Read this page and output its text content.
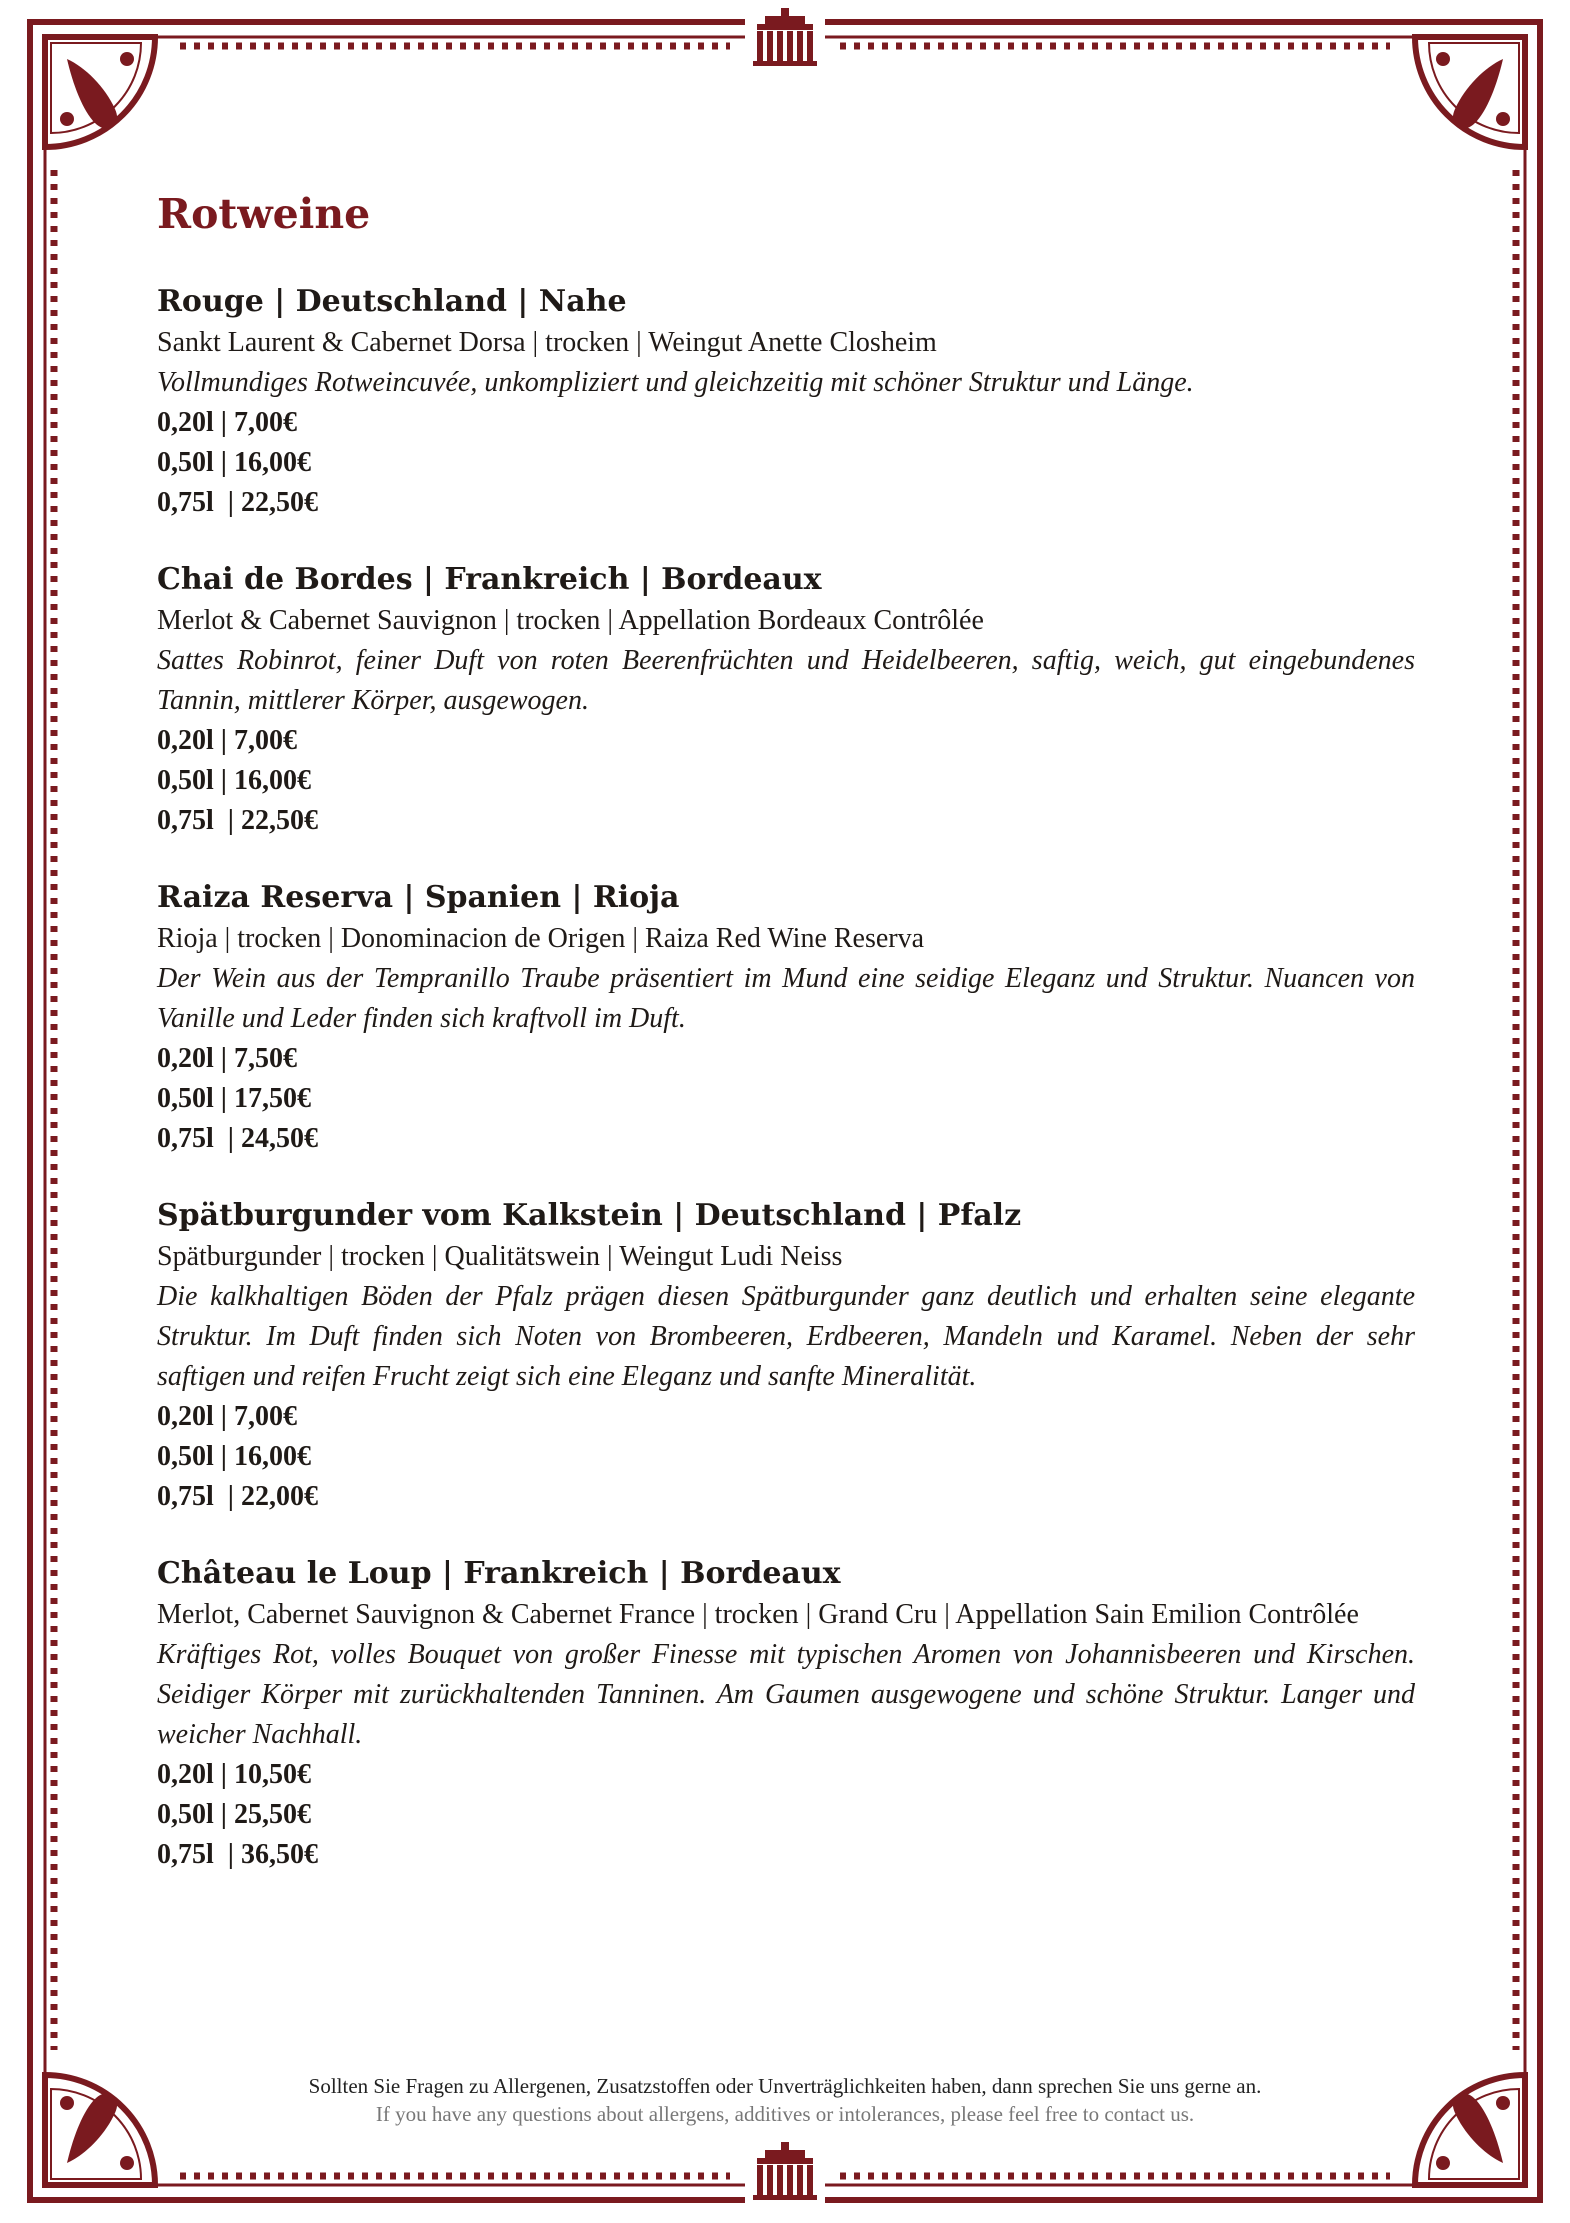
Rotweine

Rouge | Deutschland | Nahe

Sankt Laurent & Cabernet Dorsa | trocken | Weingut Anette Closheim

Vollmundiges Rotweincuvée, unkompliziert und gleichzeitig mit schöner Struktur und Länge.

0,20l | 7,00€

0,50l | 16,00€

0,75l  | 22,50€

Chai de Bordes | Frankreich | Bordeaux

Merlot & Cabernet Sauvignon | trocken | Appellation Bordeaux Contrôlée

Sattes Robinrot, feiner Duft von roten Beerenfrüchten und Heidelbeeren, saftig, weich, gut eingebundenes Tannin, mittlerer Körper, ausgewogen.

0,20l | 7,00€

0,50l | 16,00€

0,75l  | 22,50€

Raiza Reserva | Spanien | Rioja

Rioja | trocken | Donominacion de Origen | Raiza Red Wine Reserva

Der Wein aus der Tempranillo Traube präsentiert im Mund eine seidige Eleganz und Struktur. Nuancen von Vanille und Leder finden sich kraftvoll im Duft.

0,20l | 7,50€

0,50l | 17,50€

0,75l  | 24,50€

Spätburgunder vom Kalkstein | Deutschland | Pfalz

Spätburgunder | trocken | Qualitätswein | Weingut Ludi Neiss

Die kalkhaltigen Böden der Pfalz prägen diesen Spätburgunder ganz deutlich und erhalten seine elegante Struktur. Im Duft finden sich Noten von Brombeeren, Erdbeeren, Mandeln und Karamel. Neben der sehr saftigen und reifen Frucht zeigt sich eine Eleganz und sanfte Mineralität.

0,20l | 7,00€

0,50l | 16,00€

0,75l  | 22,00€

Château le Loup | Frankreich | Bordeaux

Merlot, Cabernet Sauvignon & Cabernet France | trocken | Grand Cru | Appellation Sain Emilion Contrôlée

Kräftiges Rot, volles Bouquet von großer Finesse mit typischen Aromen von Johannisbeeren und Kirschen. Seidiger Körper mit zurückhaltenden Tanninen. Am Gaumen ausgewogene und schöne Struktur. Langer und weicher Nachhall.

0,20l | 10,50€

0,50l | 25,50€

0,75l  | 36,50€

Sollten Sie Fragen zu Allergenen, Zusatzstoffen oder Unverträglichkeiten haben, dann sprechen Sie uns gerne an.
If you have any questions about allergens, additives or intolerances, please feel free to contact us.
